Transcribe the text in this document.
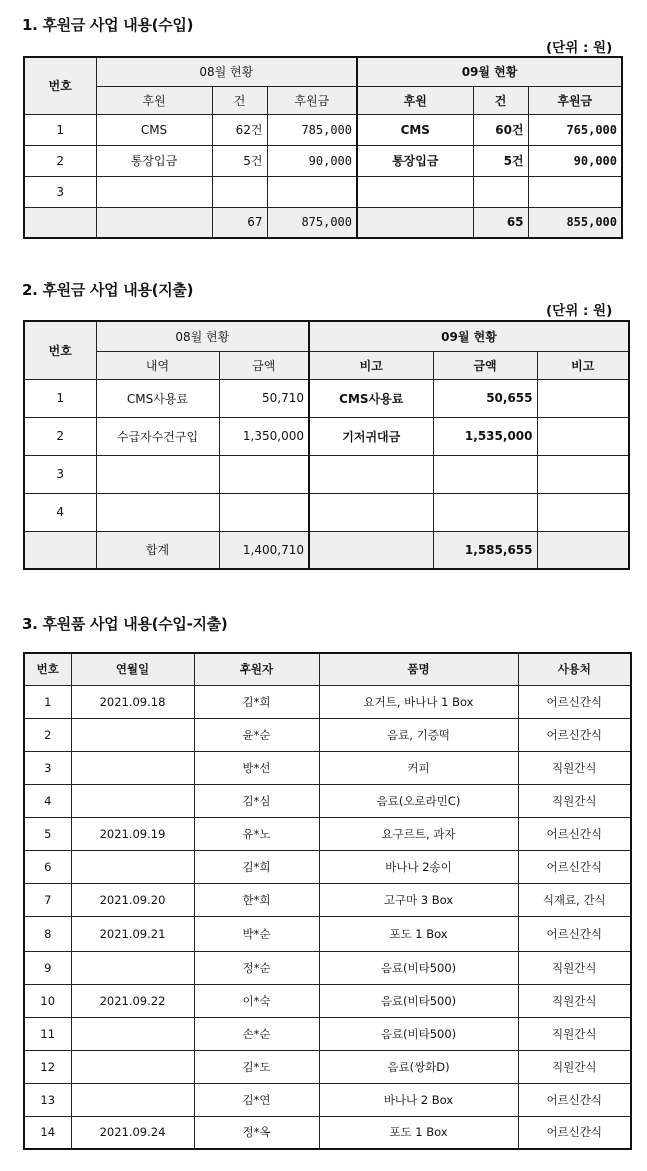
1. 후원금 사업 내용(수입)
(단위 : 원)
번호	08월 현황			09월 현황		
	후원	건	후원금	후원	건	후원금
1	CMS	62건	785,000	CMS	60건	765,000
2	통장입금	5건	90,000	통장입금	5건	90,000
3						
		67	875,000		65	855,000
2. 후원금 사업 내용(지출)
(단위 : 원)
번호	08월 현황		09월 현황		
	내역	금액	비고	금액	비고
1	CMS사용료	50,710	CMS사용료	50,655	
2	수급자수건구입	1,350,000	기저귀대금	1,535,000	
3					
4					
	합계	1,400,710		1,585,655	
3. 후원품 사업 내용(수입-지출)
번호	연월일	후원자	품명	사용처
1	2021.09.18	김*희	요거트, 바나나 1 Box	어르신간식
2		윤*순	음료, 기증떡	어르신간식
3		방*선	커피	직원간식
4		김*심	음료(오로라민C)	직원간식
5	2021.09.19	유*노	요구르트, 과자	어르신간식
6		김*희	바나나 2송이	어르신간식
7	2021.09.20	한*희	고구마 3 Box	식재료, 간식
8	2021.09.21	박*순	포도 1 Box	어르신간식
9		정*순	음료(비타500)	직원간식
10	2021.09.22	이*숙	음료(비타500)	직원간식
11		손*순	음료(비타500)	직원간식
12		김*도	음료(쌍화D)	직원간식
13		김*연	바나나 2 Box	어르신간식
14	2021.09.24	정*옥	포도 1 Box	어르신간식
